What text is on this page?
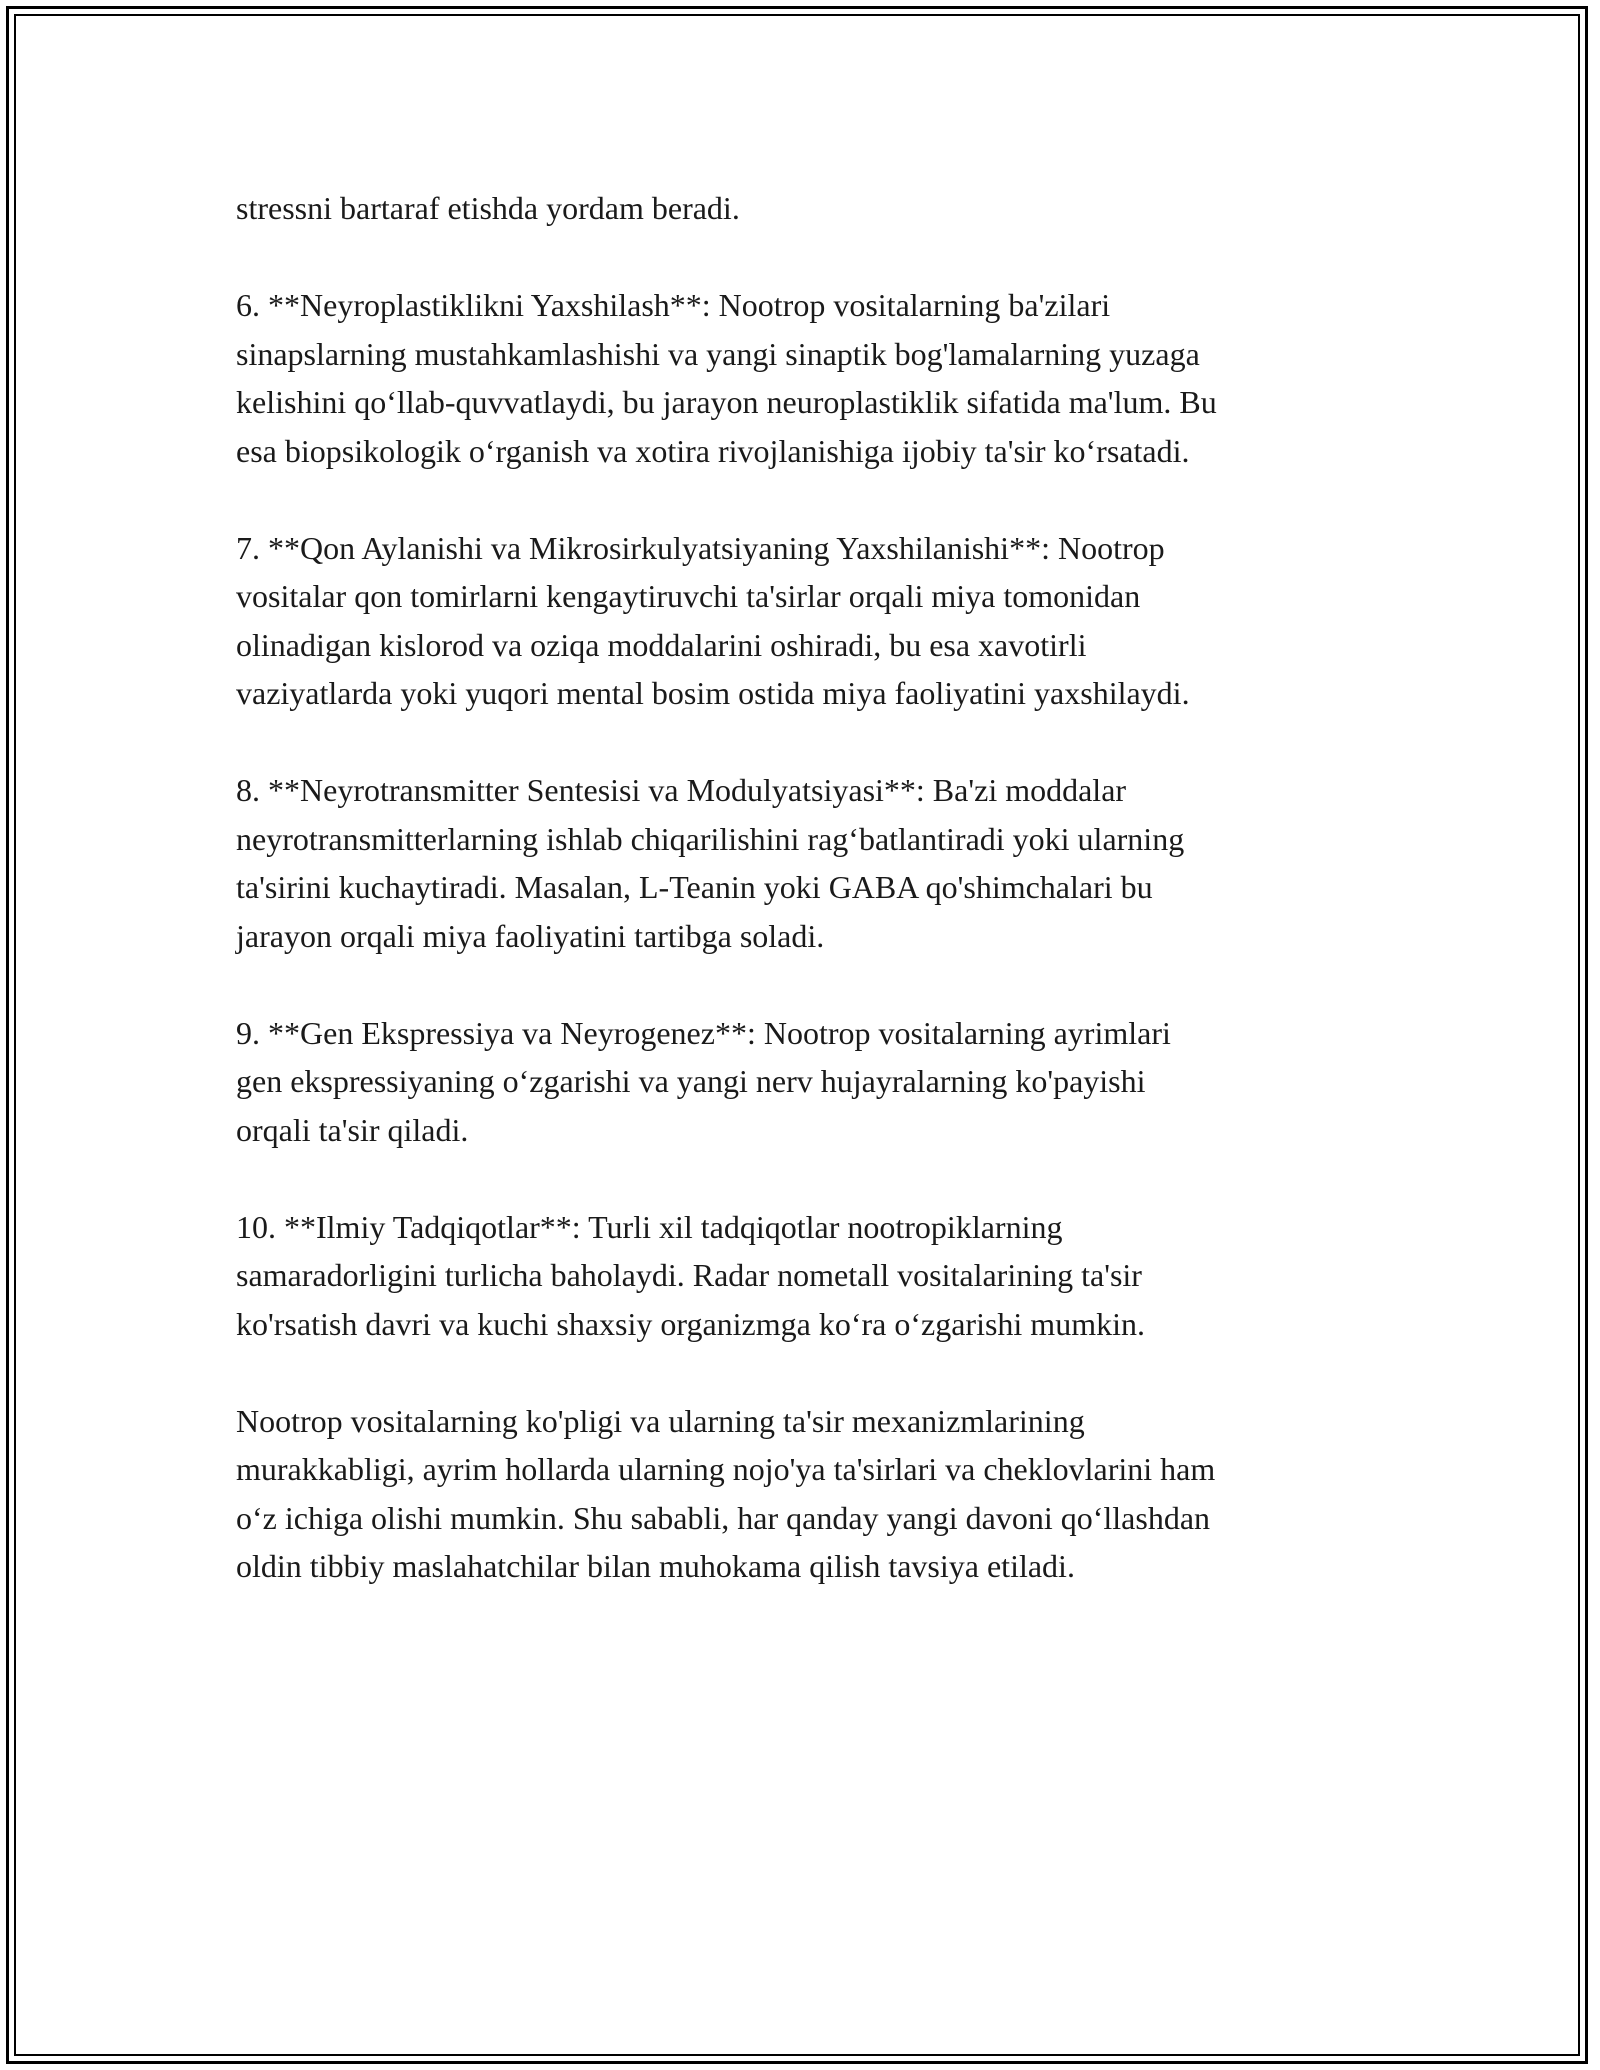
stressni bartaraf etishda yordam beradi.
6. **Neyroplastiklikni Yaxshilash**: Nootrop vositalarning ba'zilari
sinapslarning mustahkamlashishi va yangi sinaptik bog'lamalarning yuzaga
kelishini qo‘llab-quvvatlaydi, bu jarayon neuroplastiklik sifatida ma'lum. Bu
esa biopsikologik o‘rganish va xotira rivojlanishiga ijobiy ta'sir ko‘rsatadi.
7. **Qon Aylanishi va Mikrosirkulyatsiyaning Yaxshilanishi**: Nootrop
vositalar qon tomirlarni kengaytiruvchi ta'sirlar orqali miya tomonidan
olinadigan kislorod va oziqa moddalarini oshiradi, bu esa xavotirli
vaziyatlarda yoki yuqori mental bosim ostida miya faoliyatini yaxshilaydi.
8. **Neyrotransmitter Sentesisi va Modulyatsiyasi**: Ba'zi moddalar
neyrotransmitterlarning ishlab chiqarilishini rag‘batlantiradi yoki ularning
ta'sirini kuchaytiradi. Masalan, L-Teanin yoki GABA qo'shimchalari bu
jarayon orqali miya faoliyatini tartibga soladi.
9. **Gen Ekspressiya va Neyrogenez**: Nootrop vositalarning ayrimlari
gen ekspressiyaning o‘zgarishi va yangi nerv hujayralarning ko'payishi
orqali ta'sir qiladi.
10. **Ilmiy Tadqiqotlar**: Turli xil tadqiqotlar nootropiklarning
samaradorligini turlicha baholaydi. Radar nometall vositalarining ta'sir
ko'rsatish davri va kuchi shaxsiy organizmga ko‘ra o‘zgarishi mumkin.
Nootrop vositalarning ko'pligi va ularning ta'sir mexanizmlarining
murakkabligi, ayrim hollarda ularning nojo'ya ta'sirlari va cheklovlarini ham
o‘z ichiga olishi mumkin. Shu sababli, har qanday yangi davoni qo‘llashdan
oldin tibbiy maslahatchilar bilan muhokama qilish tavsiya etiladi.
